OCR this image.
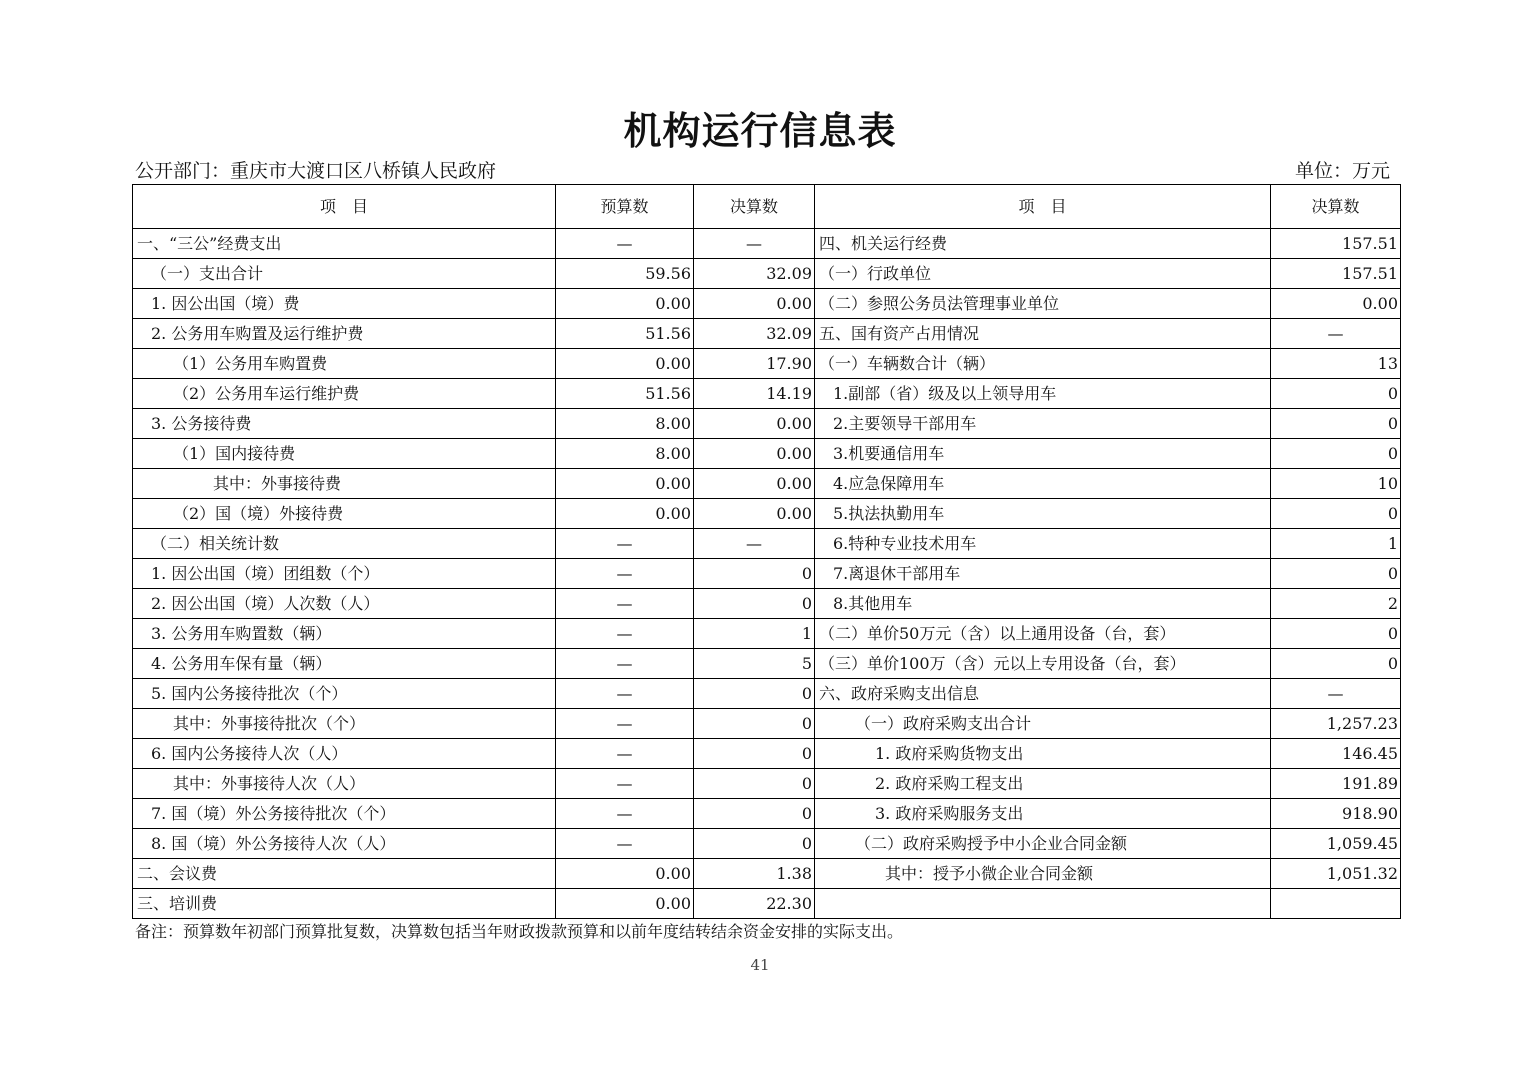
机构运行信息表
公开部门：重庆市大渡口区八桥镇人民政府	单位：万元
项　目	预算数	决算数	项　目	决算数
一、“三公”经费支出	—	—	四、机关运行经费	157.51
（一）支出合计	59.56	32.09	（一）行政单位	157.51
1. 因公出国（境）费	0.00	0.00	（二）参照公务员法管理事业单位	0.00
2. 公务用车购置及运行维护费	51.56	32.09	五、国有资产占用情况	—
（1）公务用车购置费	0.00	17.90	（一）车辆数合计（辆）	13
（2）公务用车运行维护费	51.56	14.19	1.副部（省）级及以上领导用车	0
3. 公务接待费	8.00	0.00	2.主要领导干部用车	0
（1）国内接待费	8.00	0.00	3.机要通信用车	0
其中：外事接待费	0.00	0.00	4.应急保障用车	10
（2）国（境）外接待费	0.00	0.00	5.执法执勤用车	0
（二）相关统计数	—	—	6.特种专业技术用车	1
1. 因公出国（境）团组数（个）	—	0	7.离退休干部用车	0
2. 因公出国（境）人次数（人）	—	0	8.其他用车	2
3. 公务用车购置数（辆）	—	1	（二）单价50万元（含）以上通用设备（台，套）	0
4. 公务用车保有量（辆）	—	5	（三）单价100万（含）元以上专用设备（台，套）	0
5. 国内公务接待批次（个）	—	0	六、政府采购支出信息	—
其中：外事接待批次（个）	—	0	（一）政府采购支出合计	1,257.23
6. 国内公务接待人次（人）	—	0	1. 政府采购货物支出	146.45
其中：外事接待人次（人）	—	0	2. 政府采购工程支出	191.89
7. 国（境）外公务接待批次（个）	—	0	3. 政府采购服务支出	918.90
8. 国（境）外公务接待人次（人）	—	0	（二）政府采购授予中小企业合同金额	1,059.45
二、会议费	0.00	1.38	其中：授予小微企业合同金额	1,051.32
三、培训费	0.00	22.30		
备注：预算数年初部门预算批复数，决算数包括当年财政拨款预算和以前年度结转结余资金安排的实际支出。
41
